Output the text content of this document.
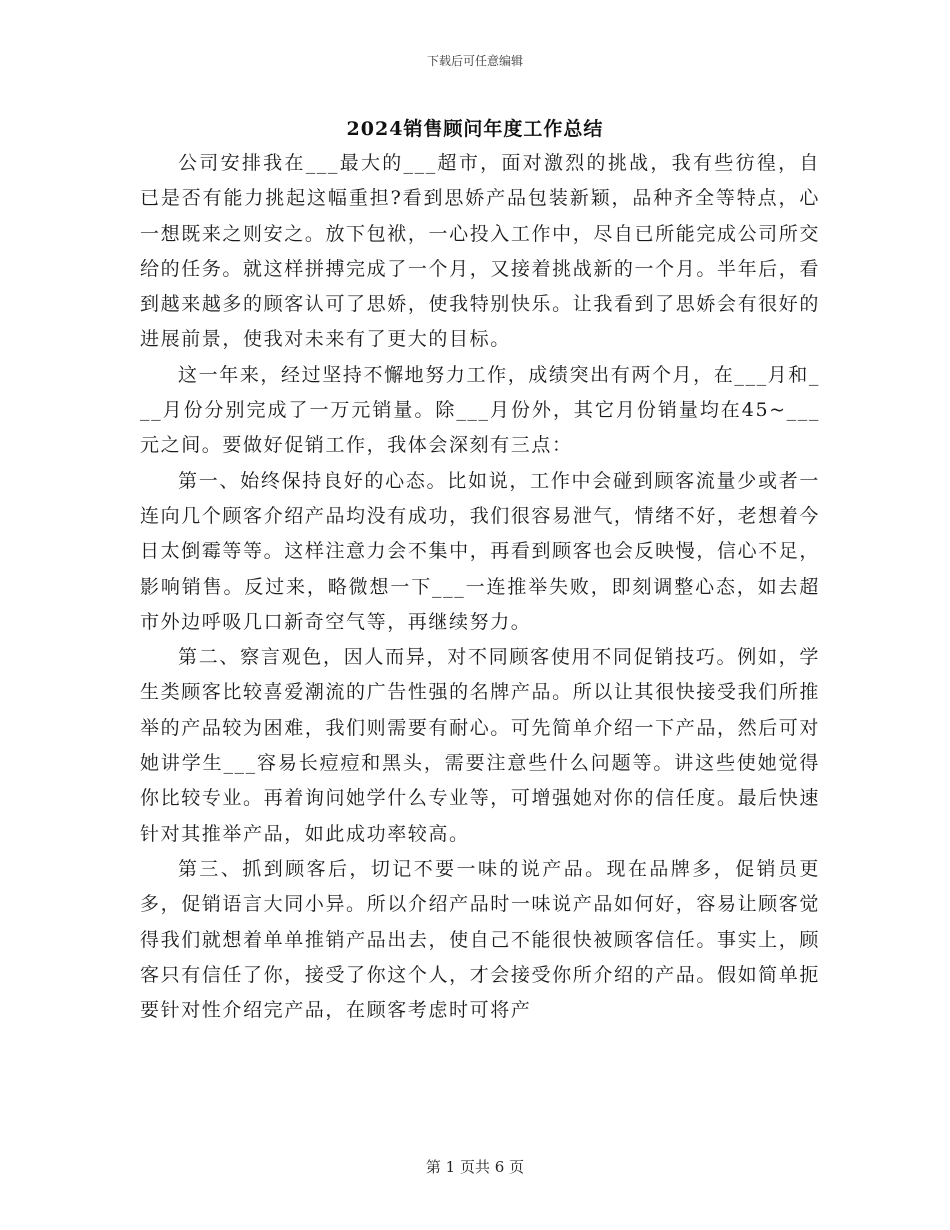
下载后可任意编辑
2024销售顾问年度工作总结

公司安排我在___最大的___超市，面对激烈的挑战，我有些彷徨，自已是否有能力挑起这幅重担?看到思娇产品包装新颖，品种齐全等特点，心一想既来之则安之。放下包袱，一心投入工作中，尽自已所能完成公司所交给的任务。就这样拼搏完成了一个月，又接着挑战新的一个月。半年后，看到越来越多的顾客认可了思娇，使我特别快乐。让我看到了思娇会有很好的进展前景，使我对未来有了更大的目标。

这一年来，经过坚持不懈地努力工作，成绩突出有两个月，在___月和___月份分别完成了一万元销量。除___月份外，其它月份销量均在45~___元之间。要做好促销工作，我体会深刻有三点：

第一、始终保持良好的心态。比如说，工作中会碰到顾客流量少或者一连向几个顾客介绍产品均没有成功，我们很容易泄气，情绪不好，老想着今日太倒霉等等。这样注意力会不集中，再看到顾客也会反映慢，信心不足，影响销售。反过来，略微想一下___一连推举失败，即刻调整心态，如去超市外边呼吸几口新奇空气等，再继续努力。

第二、察言观色，因人而异，对不同顾客使用不同促销技巧。例如，学生类顾客比较喜爱潮流的广告性强的名牌产品。所以让其很快接受我们所推举的产品较为困难，我们则需要有耐心。可先简单介绍一下产品，然后可对她讲学生___容易长痘痘和黑头，需要注意些什么问题等。讲这些使她觉得你比较专业。再着询问她学什么专业等，可增强她对你的信任度。最后快速针对其推举产品，如此成功率较高。

第三、抓到顾客后，切记不要一味的说产品。现在品牌多，促销员更多，促销语言大同小异。所以介绍产品时一味说产品如何好，容易让顾客觉得我们就想着单单推销产品出去，使自己不能很快被顾客信任。事实上，顾客只有信任了你，接受了你这个人，才会接受你所介绍的产品。假如简单扼要针对性介绍完产品，在顾客考虑时可将产

第 1 页共 6 页
